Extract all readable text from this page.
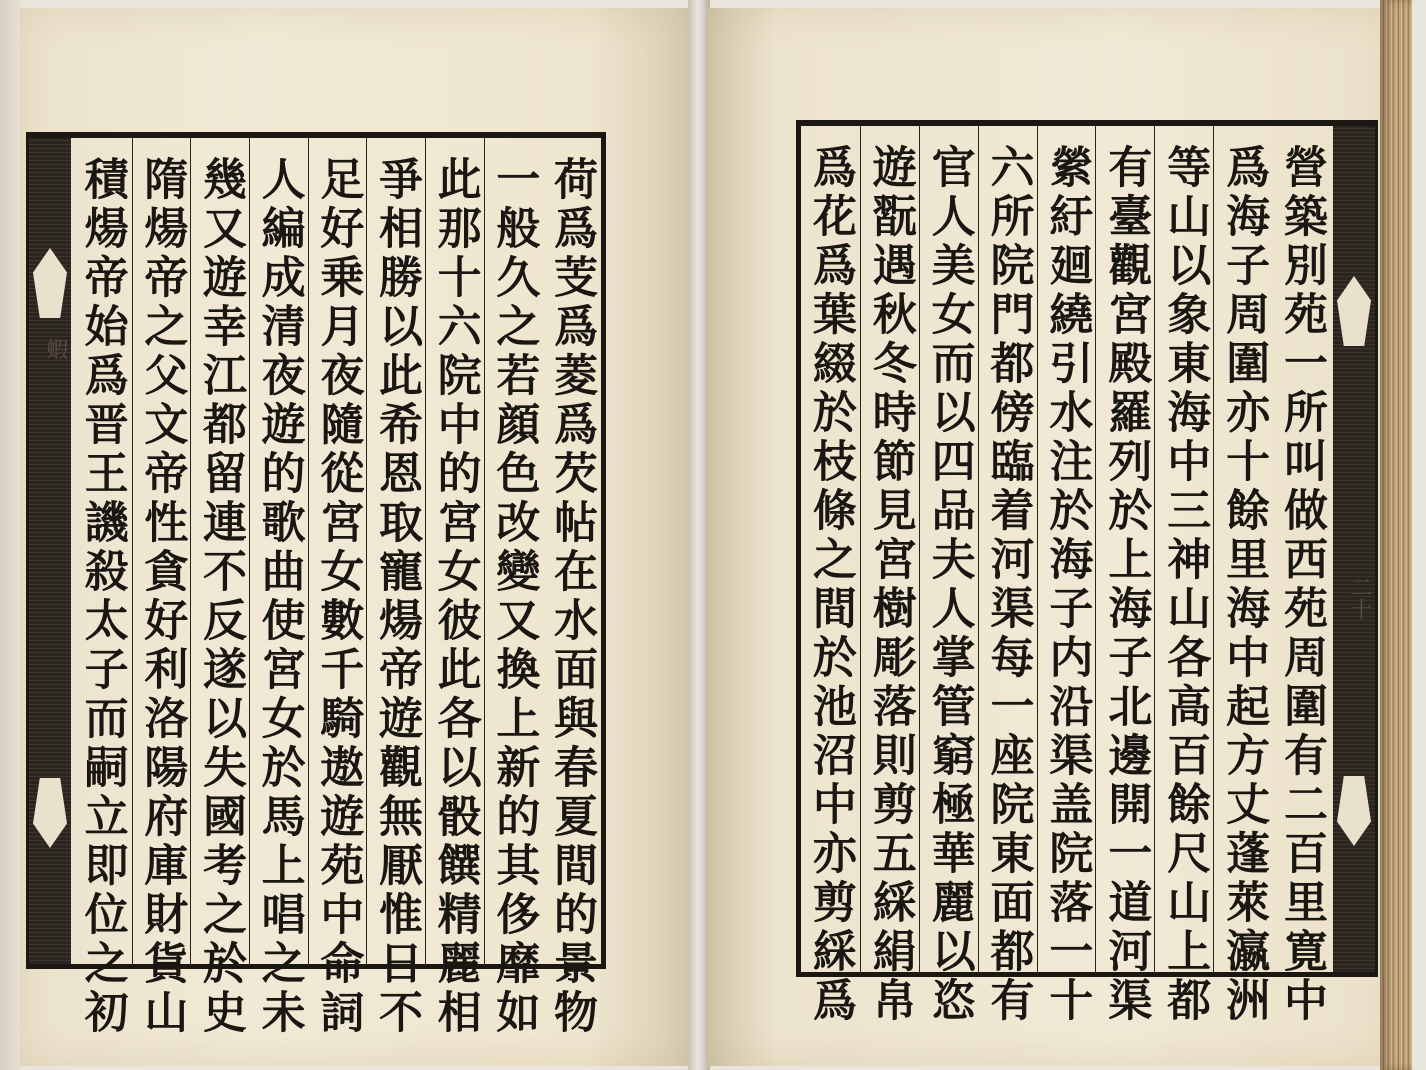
蝦	荷爲芰爲菱爲芡帖在水面與春夏間的景物
一般久之若顔色改變又換上新的其侈靡如
此那十六院中的宮女彼此各以骰饌精麗相
爭相勝以此希恩取寵煬帝遊觀無厭惟日不
足好乗月夜隨從宮女數千騎遨遊苑中命詞
人編成清夜遊的歌曲使宮女於馬上唱之未
幾又遊幸江都留連不反遂以失國考之於史
隋煬帝之父文帝性貪好利洛陽府庫財貨山
積煬帝始爲晋王譏殺太子而嗣立即位之初	二十
營築別苑一所叫做西苑周圍有二百里寛中
爲海子周圍亦十餘里海中起方丈蓬萊瀛洲
等山以象東海中三神山各高百餘尺山上都
有臺觀宮殿羅列於上海子北邊開一道河渠
縈紆廻繞引水注於海子内沿渠盖院落一十
六所院門都傍臨着河渠每一座院東面都有
官人美女而以四品夫人掌管窮極華麗以恣
遊翫遇秋冬時節見宮樹彫落則剪五綵絹帛
爲花爲葉綴於枝條之間於池沼中亦剪綵爲
